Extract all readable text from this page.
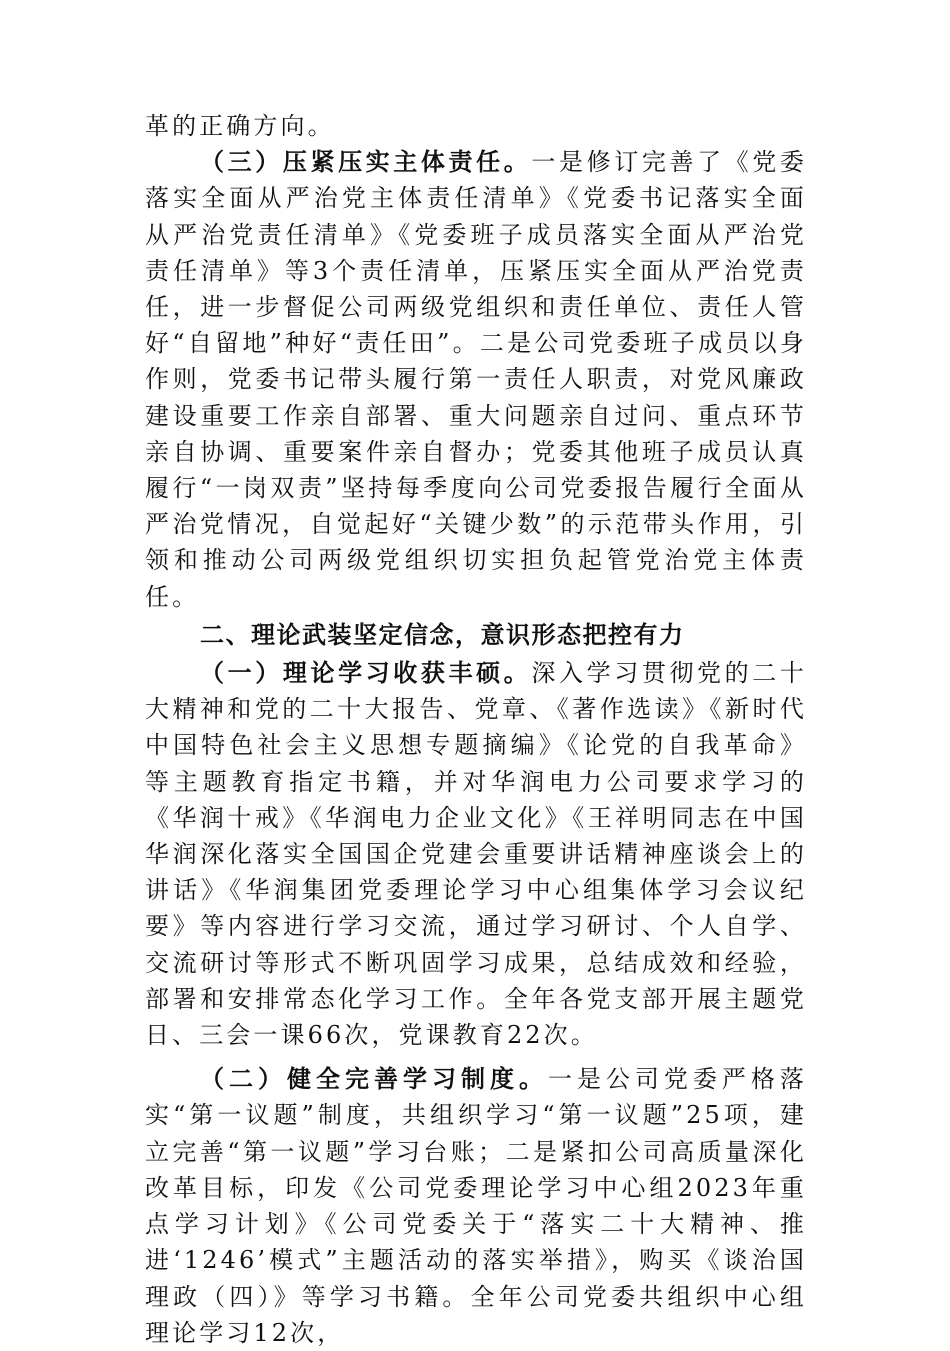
革的正确方向。

（三）压紧压实主体责任。一是修订完善了《党委落实全面从严治党主体责任清单》《党委书记落实全面从严治党责任清单》《党委班子成员落实全面从严治党责任清单》等3个责任清单，压紧压实全面从严治党责任，进一步督促公司两级党组织和责任单位、责任人管好“自留地”种好“责任田”。二是公司党委班子成员以身作则，党委书记带头履行第一责任人职责，对党风廉政建设重要工作亲自部署、重大问题亲自过问、重点环节亲自协调、重要案件亲自督办；党委其他班子成员认真履行“一岗双责”坚持每季度向公司党委报告履行全面从严治党情况，自觉起好“关键少数”的示范带头作用，引领和推动公司两级党组织切实担负起管党治党主体责任。

二、理论武装坚定信念，意识形态把控有力

（一）理论学习收获丰硕。深入学习贯彻党的二十大精神和党的二十大报告、党章、《著作选读》《新时代中国特色社会主义思想专题摘编》《论党的自我革命》等主题教育指定书籍，并对华润电力公司要求学习的《华润十戒》《华润电力企业文化》《王祥明同志在中国华润深化落实全国国企党建会重要讲话精神座谈会上的讲话》《华润集团党委理论学习中心组集体学习会议纪要》等内容进行学习交流，通过学习研讨、个人自学、交流研讨等形式不断巩固学习成果，总结成效和经验，部署和安排常态化学习工作。全年各党支部开展主题党日、三会一课66次，党课教育22次。

（二）健全完善学习制度。一是公司党委严格落实“第一议题”制度，共组织学习“第一议题”25项，建立完善“第一议题”学习台账；二是紧扣公司高质量深化改革目标，印发《公司党委理论学习中心组2023年重点学习计划》《公司党委关于“落实二十大精神、推进‘1246’模式”主题活动的落实举措》，购买《谈治国理政（四）》等学习书籍。全年公司党委共组织中心组理论学习12次，
